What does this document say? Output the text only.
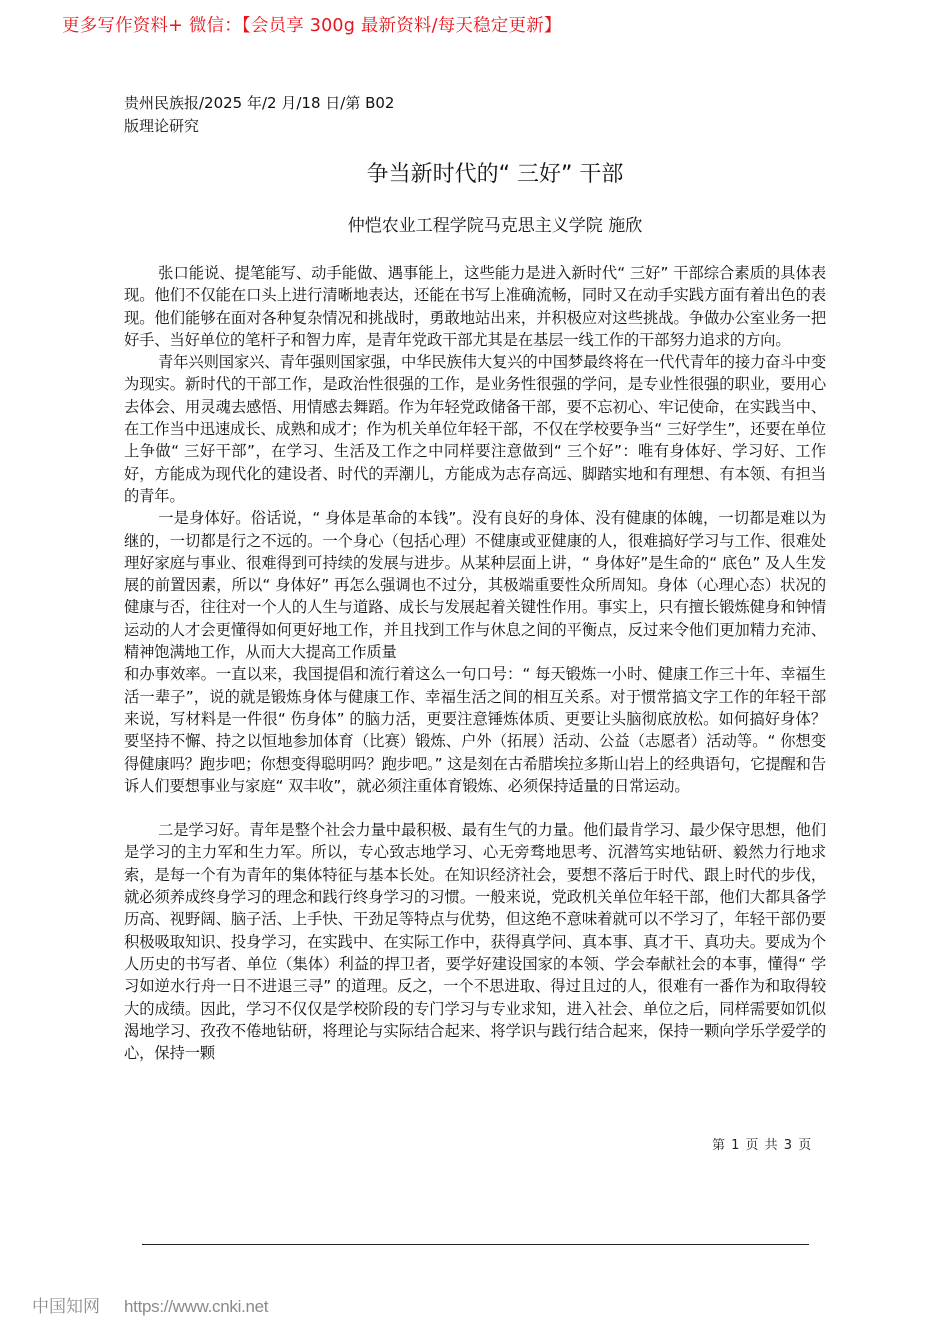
更多写作资料+ 微信：【会员享 300g 最新资料/每天稳定更新】
贵州民族报/2025 年/2 月/18 日/第 B02
版理论研究
争当新时代的“ 三好” 干部
仲恺农业工程学院马克思主义学院 施欣

张口能说、提笔能写、动手能做、遇事能上，这些能力是进入新时代“ 三好” 干部综合素质的具体表现。他们不仅能在口头上进行清晰地表达，还能在书写上准确流畅，同时又在动手实践方面有着出色的表现。他们能够在面对各种复杂情况和挑战时，勇敢地站出来，并积极应对这些挑战。争做办公室业务一把好手、当好单位的笔杆子和智力库，是青年党政干部尤其是在基层一线工作的干部努力追求的方向。

青年兴则国家兴、青年强则国家强，中华民族伟大复兴的中国梦最终将在一代代青年的接力奋斗中变为现实。新时代的干部工作，是政治性很强的工作，是业务性很强的学问，是专业性很强的职业，要用心去体会、用灵魂去感悟、用情感去舞蹈。作为年轻党政储备干部，要不忘初心、牢记使命，在实践当中、在工作当中迅速成长、成熟和成才；作为机关单位年轻干部，不仅在学校要争当“ 三好学生”，还要在单位上争做“ 三好干部”，在学习、生活及工作之中同样要注意做到“ 三个好”：唯有身体好、学习好、工作好，方能成为现代化的建设者、时代的弄潮儿，方能成为志存高远、脚踏实地和有理想、有本领、有担当的青年。

一是身体好。俗话说，“ 身体是革命的本钱”。没有良好的身体、没有健康的体魄，一切都是难以为继的，一切都是行之不远的。一个身心（包括心理）不健康或亚健康的人，很难搞好学习与工作、很难处理好家庭与事业、很难得到可持续的发展与进步。从某种层面上讲，“ 身体好”是生命的“ 底色” 及人生发展的前置因素，所以“ 身体好” 再怎么强调也不过分，其极端重要性众所周知。身体（心理心态）状况的健康与否，往往对一个人的人生与道路、成长与发展起着关键性作用。事实上，只有擅长锻炼健身和钟情运动的人才会更懂得如何更好地工作，并且找到工作与休息之间的平衡点，反过来令他们更加精力充沛、精神饱满地工作，从而大大提高工作质量

和办事效率。一直以来，我国提倡和流行着这么一句口号：“ 每天锻炼一小时、健康工作三十年、幸福生活一辈子”，说的就是锻炼身体与健康工作、幸福生活之间的相互关系。对于惯常搞文字工作的年轻干部来说，写材料是一件很“ 伤身体” 的脑力活，更要注意锤炼体质、更要让头脑彻底放松。如何搞好身体？要坚持不懈、持之以恒地参加体育（比赛）锻炼、户外（拓展）活动、公益（志愿者）活动等。“ 你想变得健康吗？跑步吧；你想变得聪明吗？跑步吧。” 这是刻在古希腊埃拉多斯山岩上的经典语句，它提醒和告诉人们要想事业与家庭“ 双丰收”，就必须注重体育锻炼、必须保持适量的日常运动。

二是学习好。青年是整个社会力量中最积极、最有生气的力量。他们最肯学习、最少保守思想，他们是学习的主力军和生力军。所以，专心致志地学习、心无旁骛地思考、沉潜笃实地钻研、毅然力行地求索，是每一个有为青年的集体特征与基本长处。在知识经济社会，要想不落后于时代、跟上时代的步伐，就必须养成终身学习的理念和践行终身学习的习惯。一般来说，党政机关单位年轻干部，他们大都具备学历高、视野阔、脑子活、上手快、干劲足等特点与优势，但这绝不意味着就可以不学习了，年轻干部仍要积极吸取知识、投身学习，在实践中、在实际工作中，获得真学问、真本事、真才干、真功夫。要成为个人历史的书写者、单位（集体）利益的捍卫者，要学好建设国家的本领、学会奉献社会的本事，懂得“ 学习如逆水行舟一日不进退三寻” 的道理。反之，一个不思进取、得过且过的人，很难有一番作为和取得较大的成绩。因此，学习不仅仅是学校阶段的专门学习与专业求知，进入社会、单位之后，同样需要如饥似渴地学习、孜孜不倦地钻研，将理论与实际结合起来、将学识与践行结合起来，保持一颗向学乐学爱学的心，保持一颗

第 1 页 共 3 页
中国知网 https://www.cnki.net
